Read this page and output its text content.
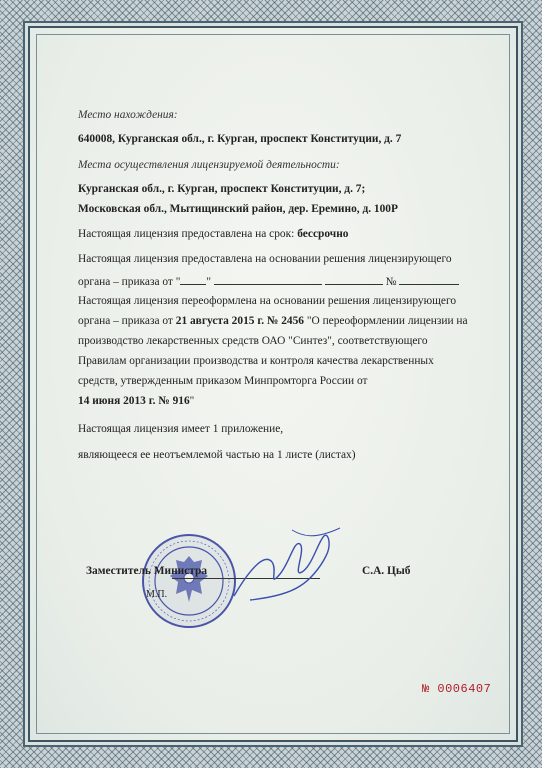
Место нахождения:
640008, Курганская обл., г. Курган, проспект Конституции, д. 7
Места осуществления лицензируемой деятельности:
Курганская обл., г. Курган, проспект Конституции, д. 7;
Московская обл., Мытищинский район, дер. Еремино, д. 100Р
Настоящая лицензия предоставлена на срок: бессрочно
Настоящая лицензия предоставлена на основании решения лицензирующего
органа – приказа от " "	№
Настоящая лицензия переоформлена на основании решения лицензирующего
органа – приказа от 21 августа 2015 г. № 2456 "О переоформлении лицензии на
производство лекарственных средств ОАО "Синтез", соответствующего
Правилам организации производства и контроля качества лекарственных
средств, утвержденным приказом Минпромторга России от
14 июня 2013 г. № 916"
Настоящая лицензия имеет 1 приложение,
являющееся ее неотъемлемой частью на 1 листе (листах)
Заместитель Министра
М.П.
С.А. Цыб
№ 0006407
